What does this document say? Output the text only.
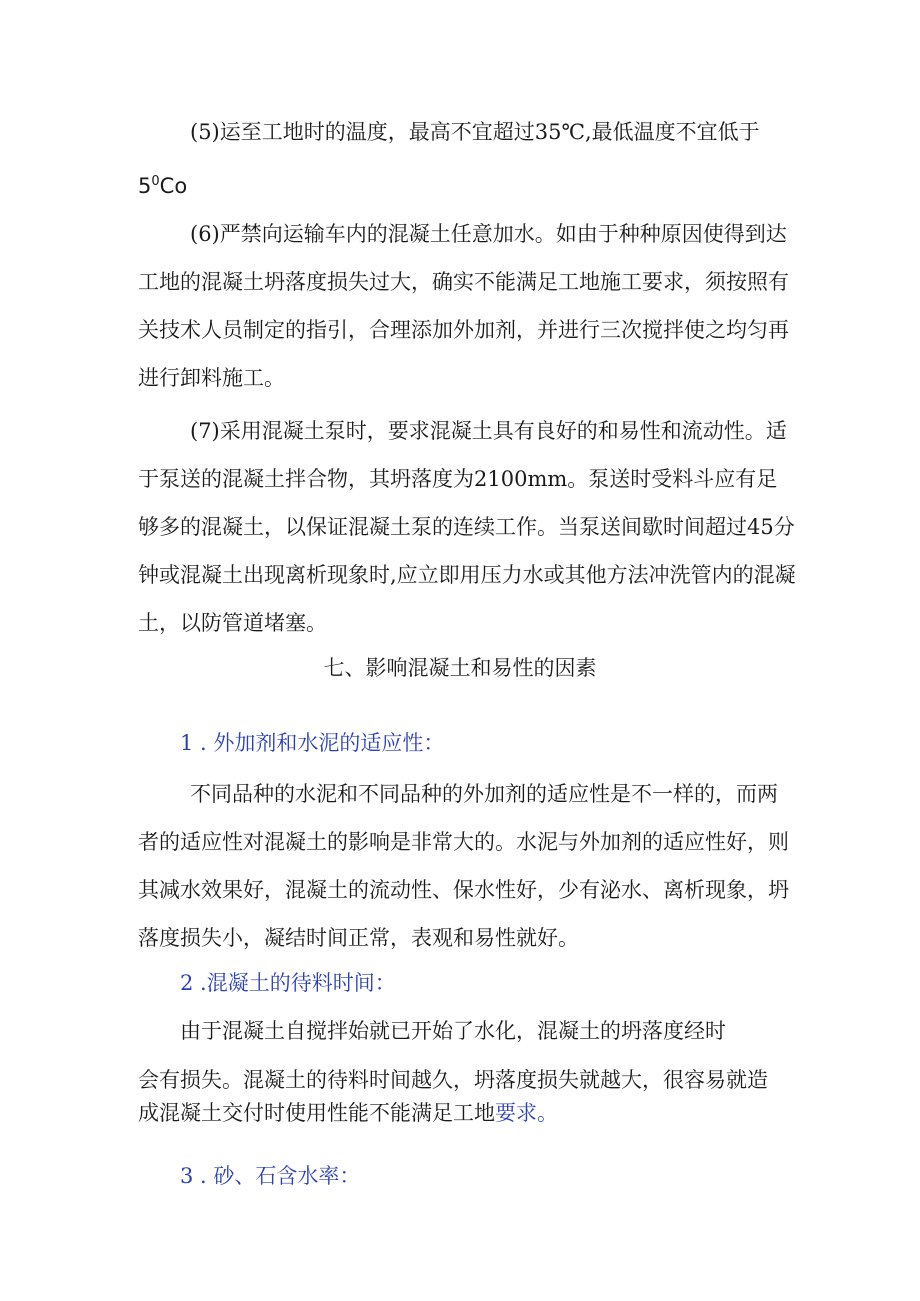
(5)运至工地时的温度，最高不宜超过35℃,最低温度不宜低于

$5^0Co$

(6)严禁向运输车内的混凝土任意加水。如由于种种原因使得到达工地的混凝土坍落度损失过大，确实不能满足工地施工要求，须按照有关技术人员制定的指引，合理添加外加剂，并进行三次搅拌使之均匀再进行卸料施工。

(7)采用混凝土泵时，要求混凝土具有良好的和易性和流动性。适于泵送的混凝土拌合物，其坍落度为2100mm。泵送时受料斗应有足够多的混凝土，以保证混凝土泵的连续工作。当泵送间歇时间超过45分钟或混凝土出现离析现象时,应立即用压力水或其他方法冲洗管内的混凝土，以防管道堵塞。

七、影响混凝土和易性的因素

1 . 外加剂和水泥的适应性：

不同品种的水泥和不同品种的外加剂的适应性是不一样的，而两者的适应性对混凝土的影响是非常大的。水泥与外加剂的适应性好，则其减水效果好，混凝土的流动性、保水性好，少有泌水、离析现象，坍落度损失小，凝结时间正常，表观和易性就好。

2 .混凝土的待料时间：

由于混凝土自搅拌始就已开始了水化，混凝土的坍落度经时

会有损失。混凝土的待料时间越久，坍落度损失就越大，很容易就造

成混凝土交付时使用性能不能满足工地要求。

3 . 砂、石含水率：
